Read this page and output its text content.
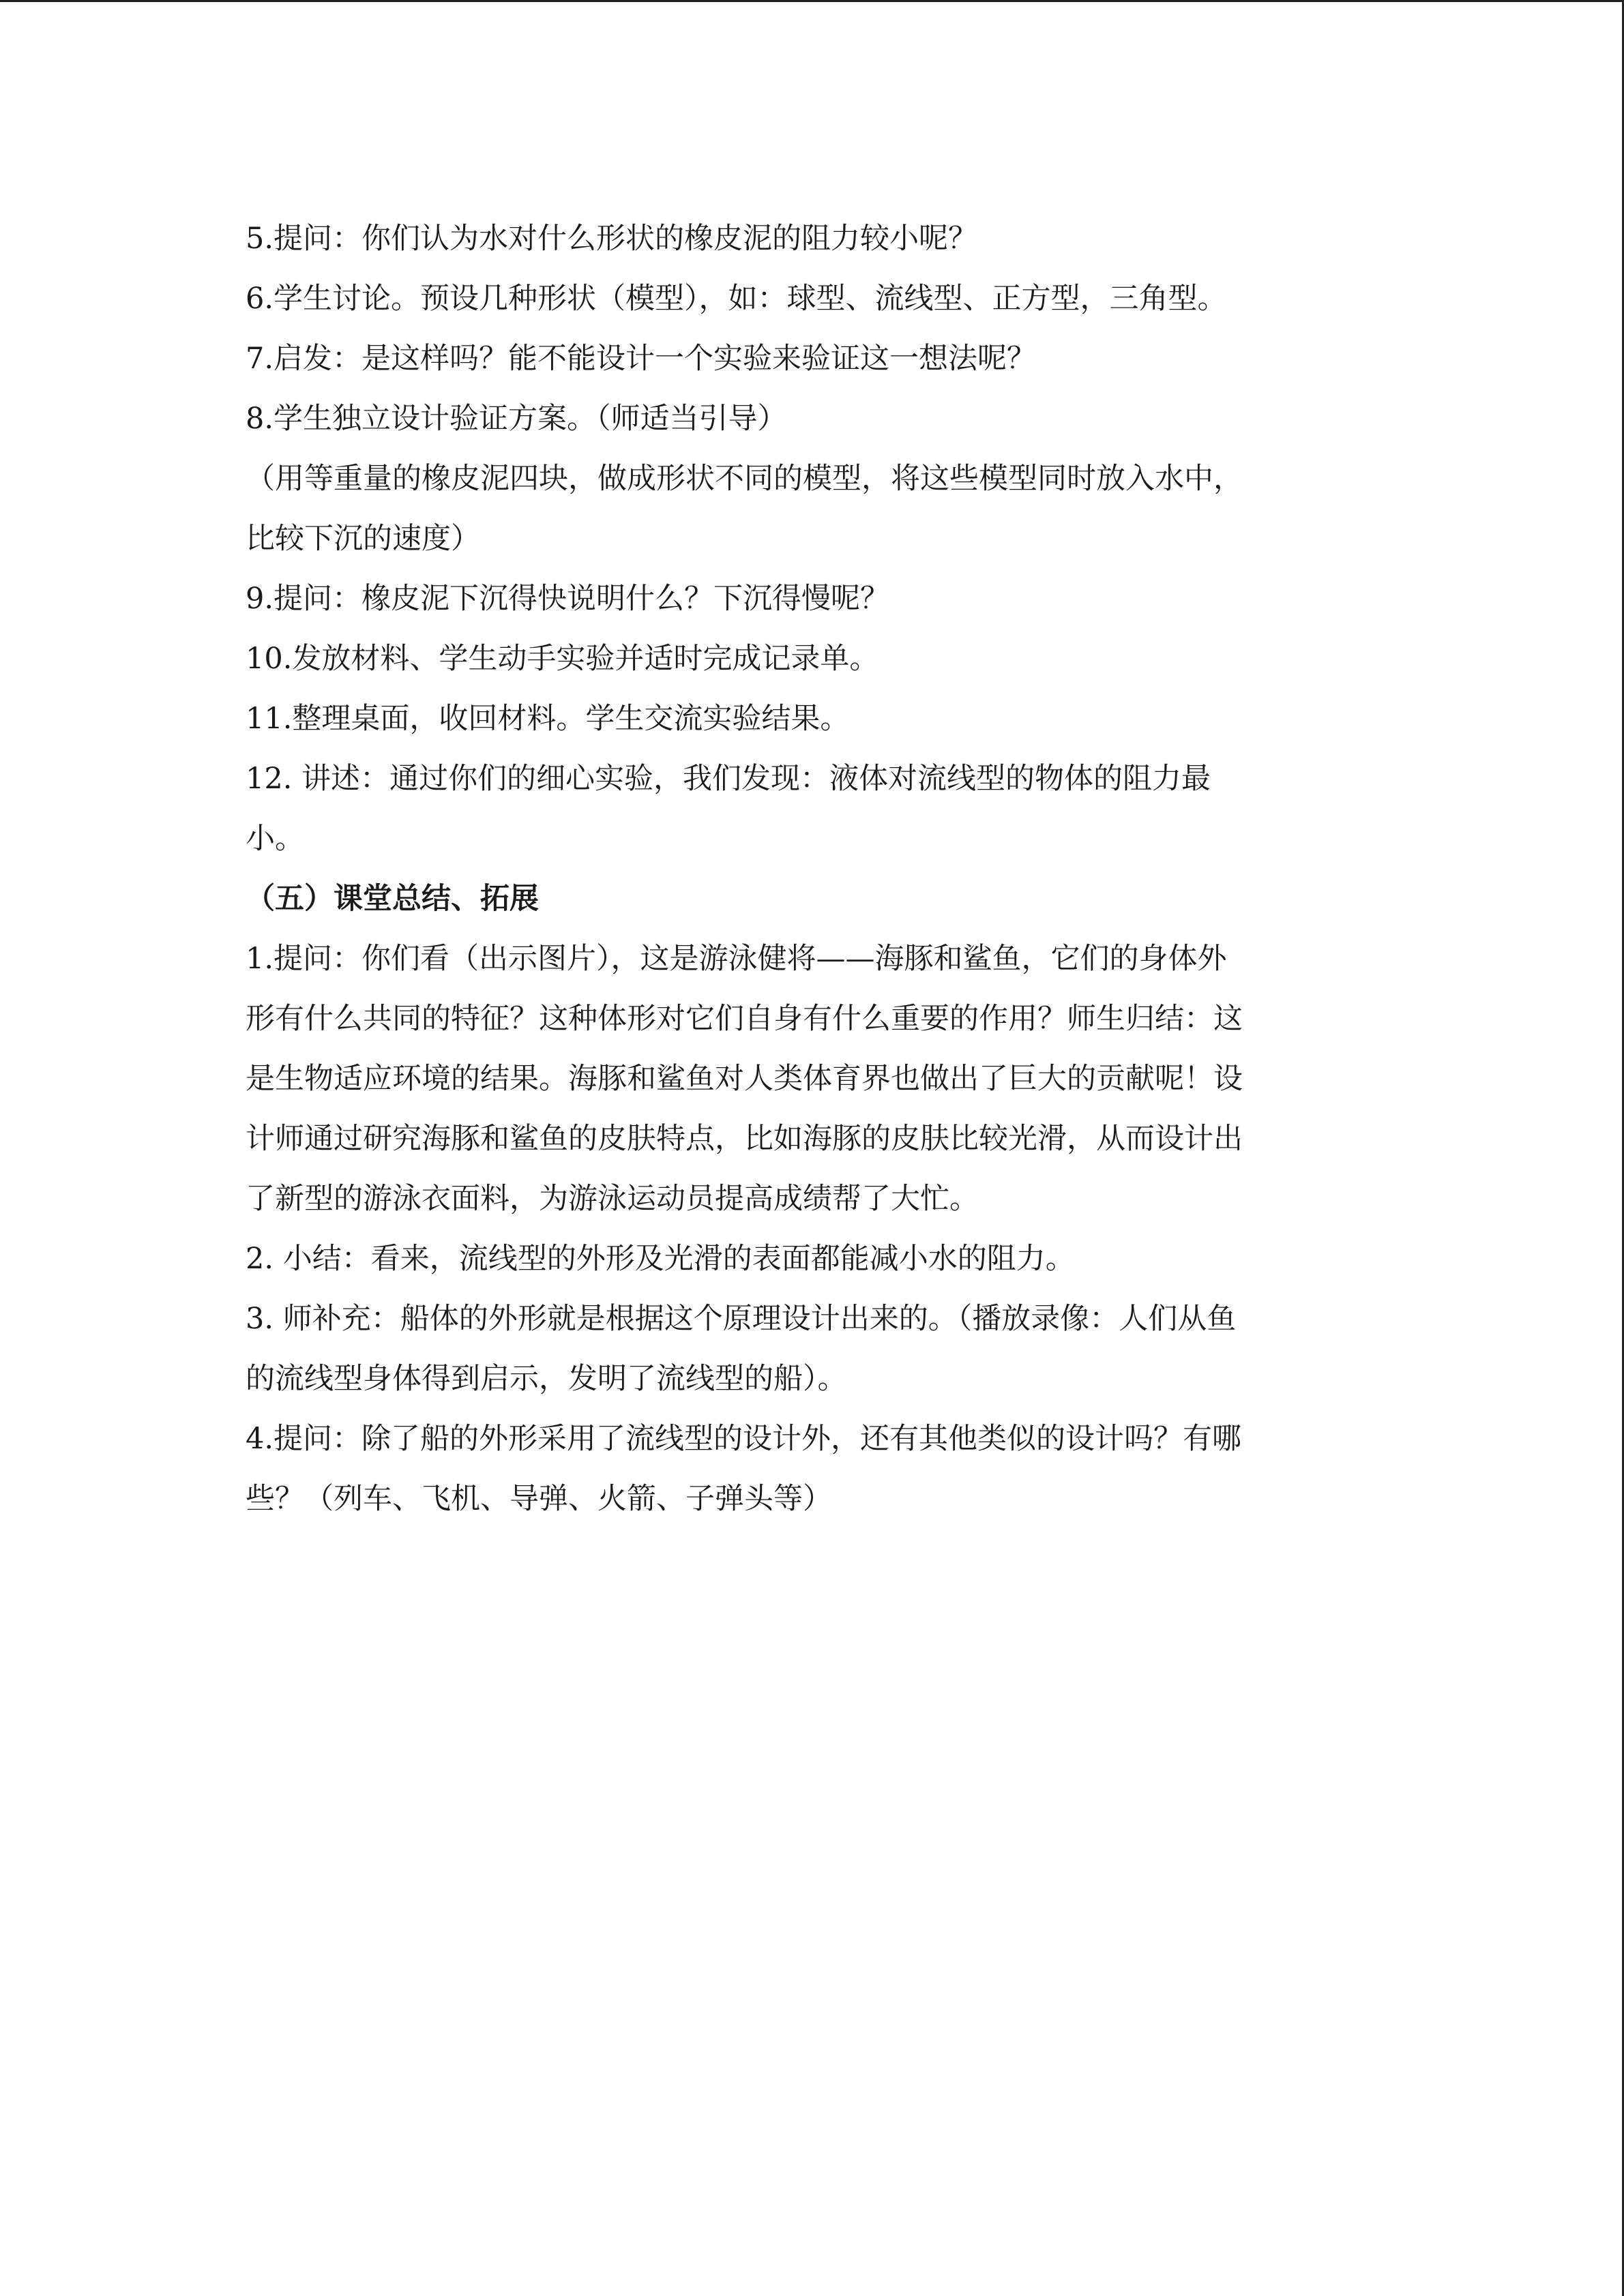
5.提问：你们认为水对什么形状的橡皮泥的阻力较小呢？
6.学生讨论。预设几种形状（模型），如：球型、流线型、正方型，三角型。
7.启发：是这样吗？能不能设计一个实验来验证这一想法呢？
8.学生独立设计验证方案。（师适当引导）
（用等重量的橡皮泥四块，做成形状不同的模型，将这些模型同时放入水中，
比较下沉的速度）
9.提问：橡皮泥下沉得快说明什么？下沉得慢呢？
10.发放材料、学生动手实验并适时完成记录单。
11.整理桌面，收回材料。学生交流实验结果。
12. 讲述：通过你们的细心实验，我们发现：液体对流线型的物体的阻力最
小。
（五）课堂总结、拓展
1.提问：你们看（出示图片），这是游泳健将——海豚和鲨鱼，它们的身体外
形有什么共同的特征？这种体形对它们自身有什么重要的作用？师生归结：这
是生物适应环境的结果。海豚和鲨鱼对人类体育界也做出了巨大的贡献呢！设
计师通过研究海豚和鲨鱼的皮肤特点，比如海豚的皮肤比较光滑，从而设计出
了新型的游泳衣面料，为游泳运动员提高成绩帮了大忙。
2. 小结：看来，流线型的外形及光滑的表面都能减小水的阻力。
3. 师补充：船体的外形就是根据这个原理设计出来的。（播放录像：人们从鱼
的流线型身体得到启示，发明了流线型的船）。
4.提问：除了船的外形采用了流线型的设计外，还有其他类似的设计吗？有哪
些？（列车、飞机、导弹、火箭、子弹头等）
